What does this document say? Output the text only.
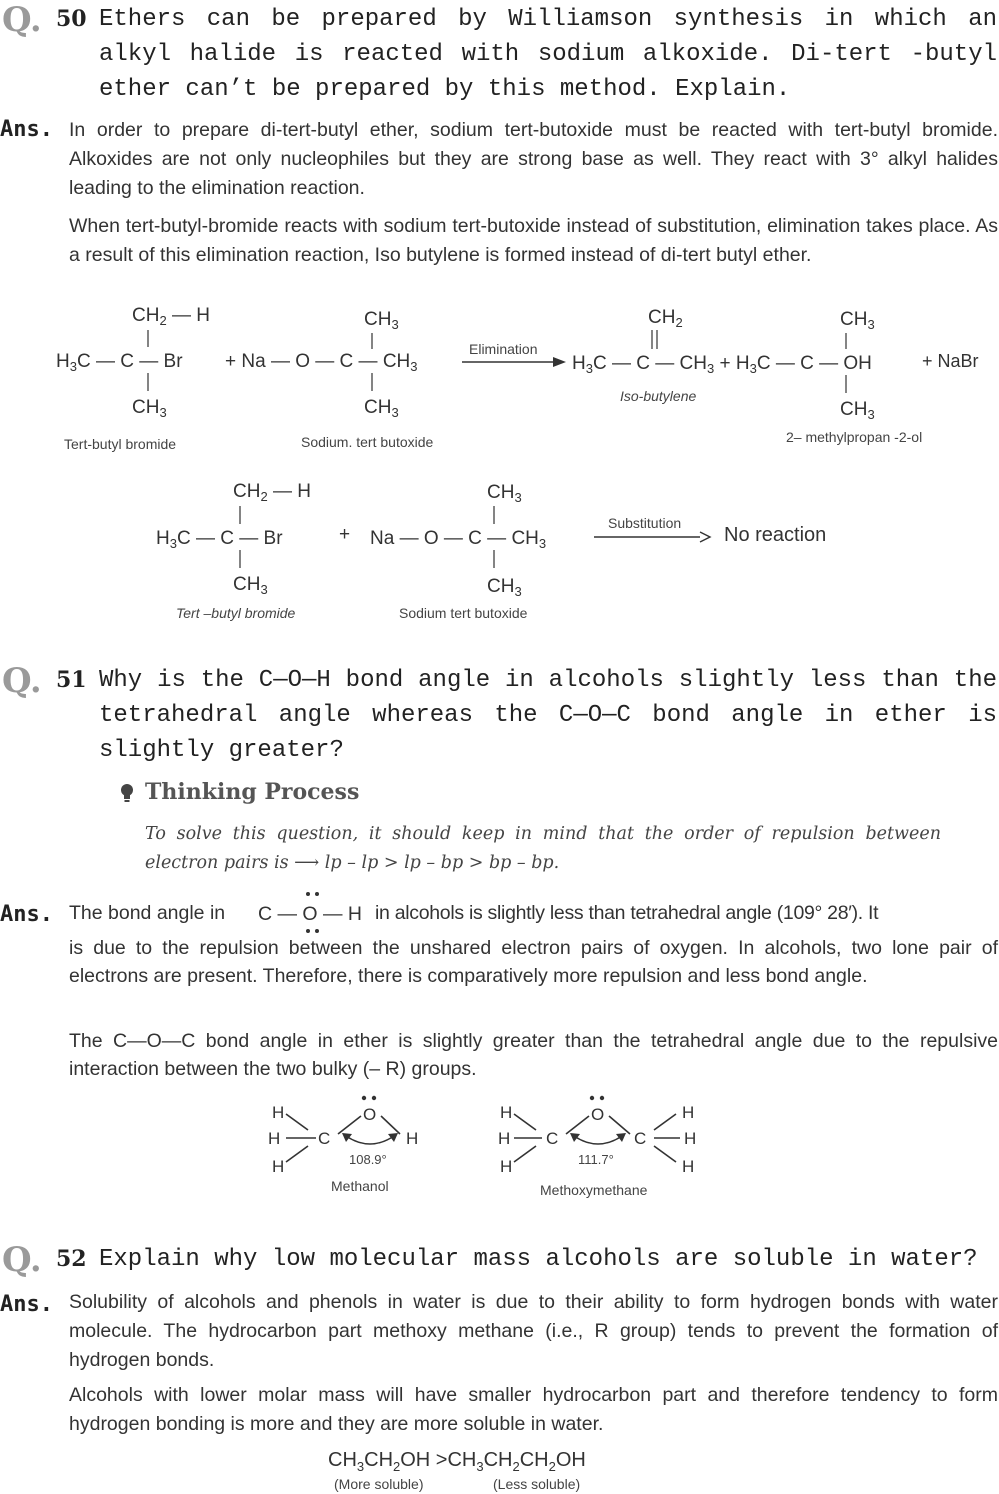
Q. 50 Ethers can be prepared by Williamson synthesis in which an alkyl halide is reacted with sodium alkoxide. Di-tert -butyl ether can’t be prepared by this method. Explain.
Ans. In order to prepare di-tert-butyl ether, sodium tert-butoxide must be reacted with tert-butyl bromide. Alkoxides are not only nucleophiles but they are strong base as well. They react with 3° alkyl halides leading to the elimination reaction.
When tert-butyl-bromide reacts with sodium tert-butoxide instead of substitution, elimination takes place. As a result of this elimination reaction, Iso butylene is formed instead of di-tert butyl ether.
$CH_2$ — H
$H_3C$ — C — Br
$CH_3$
+ Na — O — C — $CH_3$
$CH_3$
$CH_3$
$CH_2$
$H_3C$ — C — $CH_3 + H_3C$ — C — OH
$CH_3$
$CH_3$
Elimination
+ NaBr
Iso-butylene
Tert-butyl bromide	Sodium. tert butoxide	2– methylpropan -2-ol
$CH_2$ — H
$H_3C$ — C — Br
$CH_3$
Na — O — C — $CH_3$
$CH_3$
$CH_3$
+
Substitution
No reaction
Tert –butyl bromide	Sodium tert butoxide
Q. 51 Why is the C—O—H bond angle in alcohols slightly less than the tetrahedral angle whereas the C—O—C bond angle in ether is slightly greater?
Thinking Process
To solve this question, it should keep in mind that the order of repulsion between electron pairs is ⟶ lp – lp > lp – bp > bp – bp.
Ans. The bond angle in C — O — H in alcohols is slightly less than tetrahedral angle (109° 28′). It
is due to the repulsion between the unshared electron pairs of oxygen. In alcohols, two lone pair of electrons are present. Therefore, there is comparatively more repulsion and less bond angle.
The C—O—C bond angle in ether is slightly greater than the tetrahedral angle due to the repulsive interaction between the two bulky (– R) groups.
H
H
H
C
O
H
H
H
H
C
O
C
H
H
H
108.9°
Methanol
111.7°
Methoxymethane
Q. 52 Explain why low molecular mass alcohols are soluble in water?
Ans. Solubility of alcohols and phenols in water is due to their ability to form hydrogen bonds with water molecule. The hydrocarbon part methoxy methane (i.e., R group) tends to prevent the formation of hydrogen bonds.
Alcohols with lower molar mass will have smaller hydrocarbon part and therefore tendency to form hydrogen bonding is more and they are more soluble in water.
$CH_3CH_2OH >CH_3CH_2CH_2OH$
(More soluble)	(Less soluble)
